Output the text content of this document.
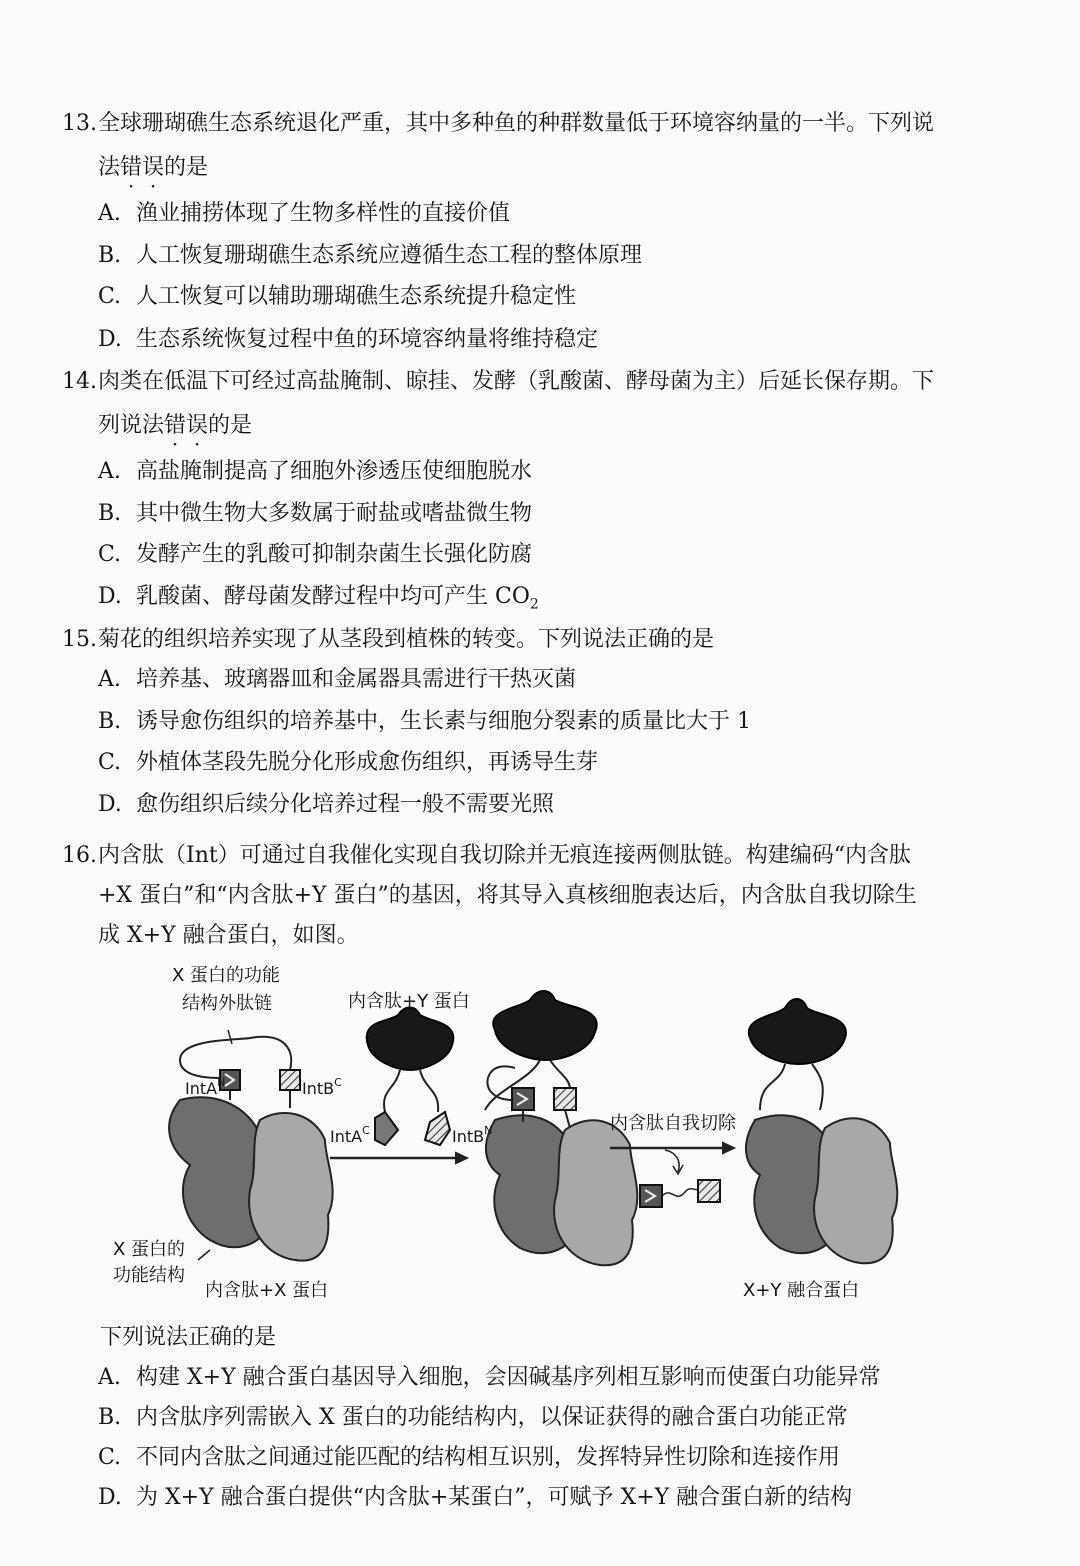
13.全球珊瑚礁生态系统退化严重，其中多种鱼的种群数量低于环境容纳量的一半。下列说
法错误的是
A. 渔业捕捞体现了生物多样性的直接价值
B. 人工恢复珊瑚礁生态系统应遵循生态工程的整体原理
C. 人工恢复可以辅助珊瑚礁生态系统提升稳定性
D. 生态系统恢复过程中鱼的环境容纳量将维持稳定
14.肉类在低温下可经过高盐腌制、晾挂、发酵（乳酸菌、酵母菌为主）后延长保存期。下
列说法错误的是
A. 高盐腌制提高了细胞外渗透压使细胞脱水
B. 其中微生物大多数属于耐盐或嗜盐微生物
C. 发酵产生的乳酸可抑制杂菌生长强化防腐
D. 乳酸菌、酵母菌发酵过程中均可产生 $CO_2$
15.菊花的组织培养实现了从茎段到植株的转变。下列说法正确的是
A. 培养基、玻璃器皿和金属器具需进行干热灭菌
B. 诱导愈伤组织的培养基中，生长素与细胞分裂素的质量比大于 1
C. 外植体茎段先脱分化形成愈伤组织，再诱导生芽
D. 愈伤组织后续分化培养过程一般不需要光照
16.内含肽（Int）可通过自我催化实现自我切除并无痕连接两侧肽链。构建编码“内含肽
+X 蛋白”和“内含肽+Y 蛋白”的基因，将其导入真核细胞表达后，内含肽自我切除生
成 X+Y 融合蛋白，如图。
IntA$^N$	IntB$^C$
IntA$^C$	IntB$^N$
X 蛋白的功能
结构外肽链	内含肽+Y 蛋白
内含肽自我切除
X 蛋白的
功能结构
内含肽+X 蛋白	X+Y 融合蛋白
下列说法正确的是
A. 构建 X+Y 融合蛋白基因导入细胞，会因碱基序列相互影响而使蛋白功能异常
B. 内含肽序列需嵌入 X 蛋白的功能结构内，以保证获得的融合蛋白功能正常
C. 不同内含肽之间通过能匹配的结构相互识别，发挥特异性切除和连接作用
D. 为 X+Y 融合蛋白提供“内含肽+某蛋白”，可赋予 X+Y 融合蛋白新的结构
